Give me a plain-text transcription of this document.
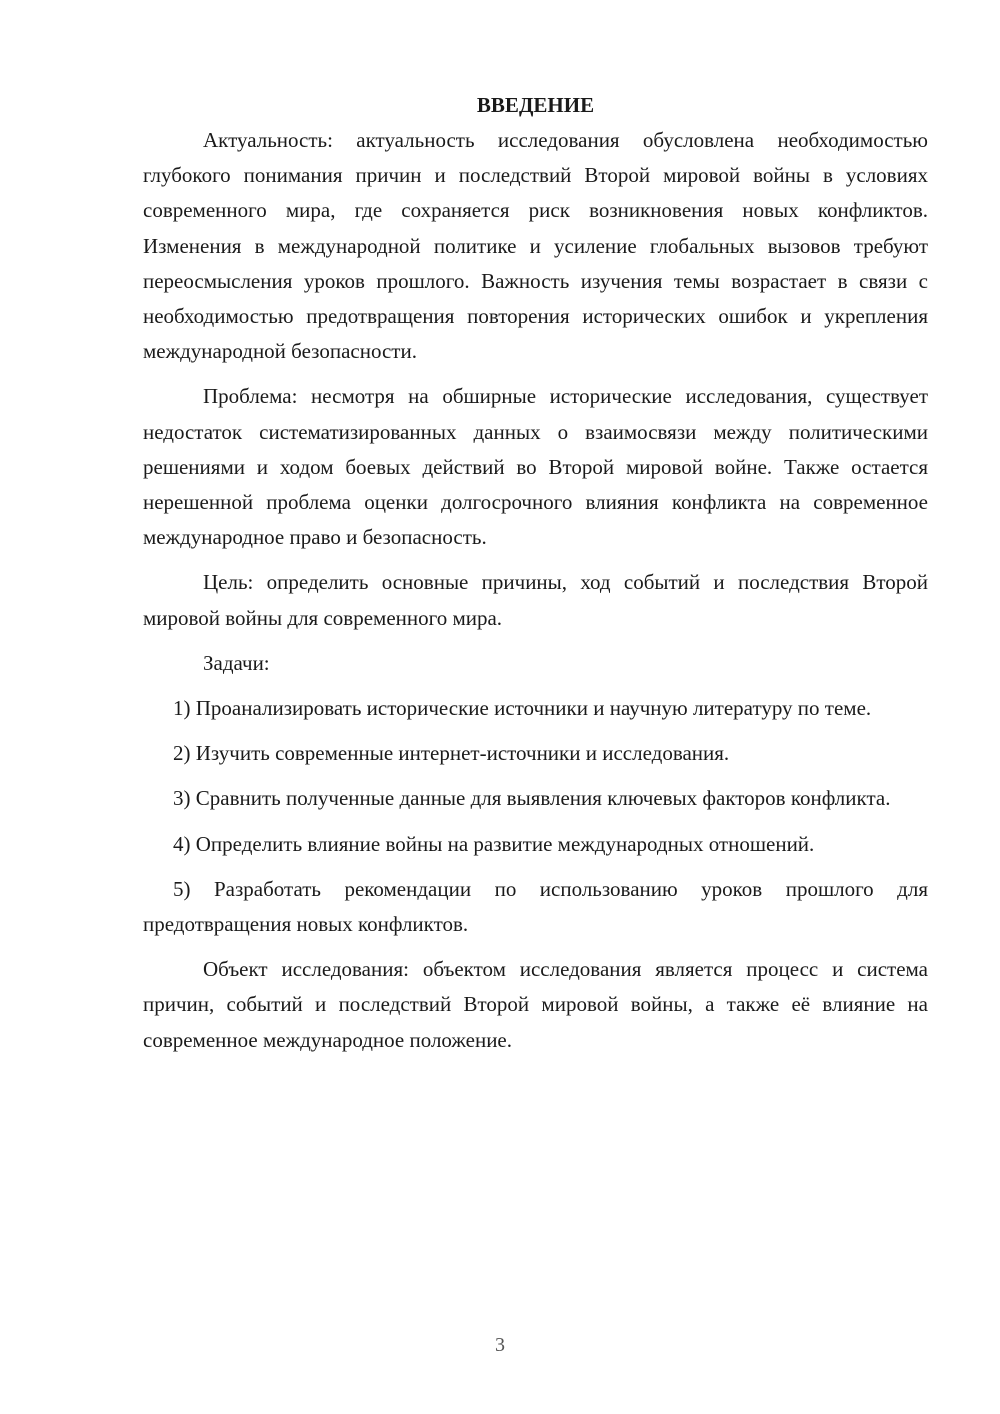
ВВЕДЕНИЕ

Актуальность: актуальность исследования обусловлена необходимостью глубокого понимания причин и последствий Второй мировой войны в условиях современного мира, где сохраняется риск возникновения новых конфликтов. Изменения в международной политике и усиление глобальных вызовов требуют переосмысления уроков прошлого. Важность изучения темы возрастает в связи с необходимостью предотвращения повторения исторических ошибок и укрепления международной безопасности.

Проблема: несмотря на обширные исторические исследования, существует недостаток систематизированных данных о взаимосвязи между политическими решениями и ходом боевых действий во Второй мировой войне. Также остается нерешенной проблема оценки долгосрочного влияния конфликта на современное международное право и безопасность.

Цель: определить основные причины, ход событий и последствия Второй мировой войны для современного мира.

Задачи:

1) Проанализировать исторические источники и научную литературу по теме.

2) Изучить современные интернет-источники и исследования.

3) Сравнить полученные данные для выявления ключевых факторов конфликта.

4) Определить влияние войны на развитие международных отношений.

5) Разработать рекомендации по использованию уроков прошлого для предотвращения новых конфликтов.

Объект исследования: объектом исследования является процесс и система причин, событий и последствий Второй мировой войны, а также её влияние на современное международное положение.

3
